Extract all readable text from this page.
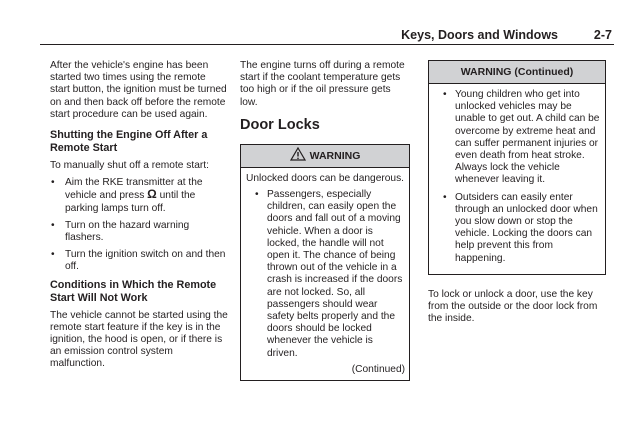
Keys, Doors and Windows	2-7

After the vehicle's engine has been started two times using the remote start button, the ignition must be turned on and then back off before the remote start procedure can be used again.

Shutting the Engine Off After a Remote Start

To manually shut off a remote start:

• Aim the RKE transmitter at the vehicle and press Ω until the parking lamps turn off.
• Turn on the hazard warning flashers.
• Turn the ignition switch on and then off.
Conditions in Which the Remote Start Will Not Work

The vehicle cannot be started using the remote start feature if the key is in the ignition, the hood is open, or if there is an emission control system malfunction.

The engine turns off during a remote start if the coolant temperature gets too high or if the oil pressure gets low.

Door Locks
WARNING
Unlocked doors can be dangerous.
• Passengers, especially children, can easily open the doors and fall out of a moving vehicle. When a door is locked, the handle will not open it. The chance of being thrown out of the vehicle in a crash is increased if the doors are not locked. So, all passengers should wear safety belts properly and the doors should be locked whenever the vehicle is driven.
(Continued)
WARNING (Continued)
• Young children who get into unlocked vehicles may be unable to get out. A child can be overcome by extreme heat and can suffer permanent injuries or even death from heat stroke. Always lock the vehicle whenever leaving it.
• Outsiders can easily enter through an unlocked door when you slow down or stop the vehicle. Locking the doors can help prevent this from happening.

To lock or unlock a door, use the key from the outside or the door lock from the inside.
